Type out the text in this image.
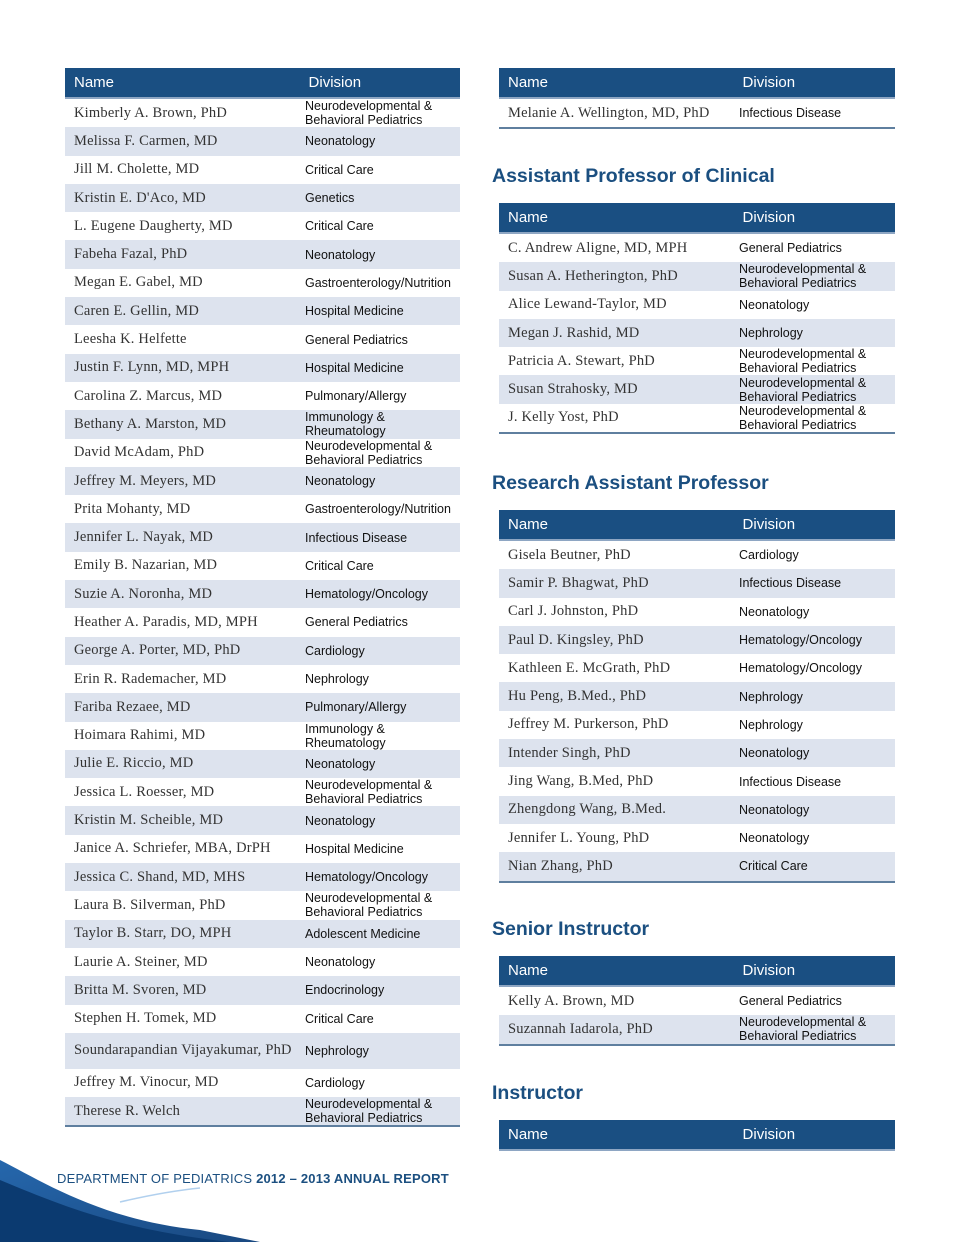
Name	Division
Kimberly A. Brown, PhD	Neurodevelopmental & Behavioral Pediatrics
Melissa F. Carmen, MD	Neonatology
Jill M. Cholette, MD	Critical Care
Kristin E. D'Aco, MD	Genetics
L. Eugene Daugherty, MD	Critical Care
Fabeha Fazal, PhD	Neonatology
Megan E. Gabel, MD	Gastroenterology/Nutrition
Caren E. Gellin, MD	Hospital Medicine
Leesha K. Helfette	General Pediatrics
Justin F. Lynn, MD, MPH	Hospital Medicine
Carolina Z. Marcus, MD	Pulmonary/Allergy
Bethany A. Marston, MD	Immunology & Rheumatology
David McAdam, PhD	Neurodevelopmental & Behavioral Pediatrics
Jeffrey M. Meyers, MD	Neonatology
Prita Mohanty, MD	Gastroenterology/Nutrition
Jennifer L. Nayak, MD	Infectious Disease
Emily B. Nazarian, MD	Critical Care
Suzie A. Noronha, MD	Hematology/Oncology
Heather A. Paradis, MD, MPH	General Pediatrics
George A. Porter, MD, PhD	Cardiology
Erin R. Rademacher, MD	Nephrology
Fariba Rezaee, MD	Pulmonary/Allergy
Hoimara Rahimi, MD	Immunology & Rheumatology
Julie E. Riccio, MD	Neonatology
Jessica L. Roesser, MD	Neurodevelopmental & Behavioral Pediatrics
Kristin M. Scheible, MD	Neonatology
Janice A. Schriefer, MBA, DrPH	Hospital Medicine
Jessica C. Shand, MD, MHS	Hematology/Oncology
Laura B. Silverman, PhD	Neurodevelopmental & Behavioral Pediatrics
Taylor B. Starr, DO, MPH	Adolescent Medicine
Laurie A. Steiner, MD	Neonatology
Britta M. Svoren, MD	Endocrinology
Stephen H. Tomek, MD	Critical Care
Soundarapandian Vijayakumar, PhD	Nephrology
Jeffrey M. Vinocur, MD	Cardiology
Therese R. Welch	Neurodevelopmental & Behavioral Pediatrics
Name	Division
Melanie A. Wellington, MD, PhD	Infectious Disease
Assistant Professor of Clinical
Name	Division
C. Andrew Aligne, MD, MPH	General Pediatrics
Susan A. Hetherington, PhD	Neurodevelopmental & Behavioral Pediatrics
Alice Lewand-Taylor, MD	Neonatology
Megan J. Rashid, MD	Nephrology
Patricia A. Stewart, PhD	Neurodevelopmental & Behavioral Pediatrics
Susan Strahosky, MD	Neurodevelopmental & Behavioral Pediatrics
J. Kelly Yost, PhD	Neurodevelopmental & Behavioral Pediatrics
Research Assistant Professor
Name	Division
Gisela Beutner, PhD	Cardiology
Samir P. Bhagwat, PhD	Infectious Disease
Carl J. Johnston, PhD	Neonatology
Paul D. Kingsley, PhD	Hematology/Oncology
Kathleen E. McGrath, PhD	Hematology/Oncology
Hu Peng, B.Med., PhD	Nephrology
Jeffrey M. Purkerson, PhD	Nephrology
Intender Singh, PhD	Neonatology
Jing Wang, B.Med, PhD	Infectious Disease
Zhengdong Wang, B.Med.	Neonatology
Jennifer L. Young, PhD	Neonatology
Nian Zhang, PhD	Critical Care
Senior Instructor
Name	Division
Kelly A. Brown, MD	General Pediatrics
Suzannah Iadarola, PhD	Neurodevelopmental & Behavioral Pediatrics
Instructor
Name	Division
DEPARTMENT OF PEDIATRICS 2012 – 2013 ANNUAL REPORT
